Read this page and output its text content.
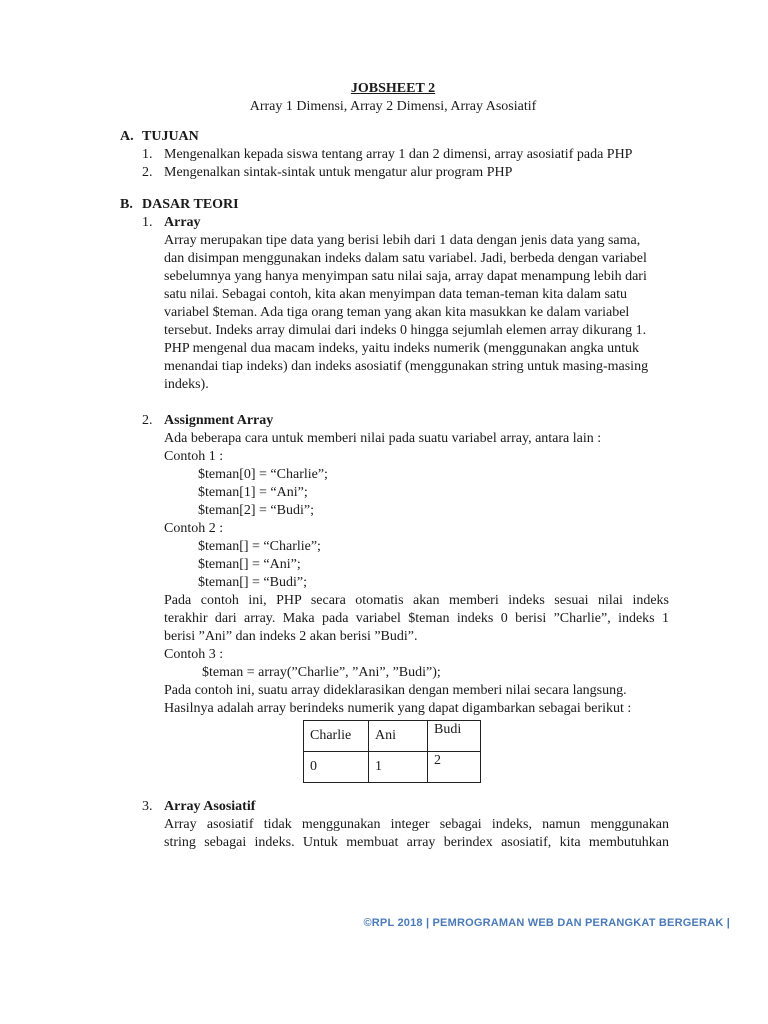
JOBSHEET 2
Array 1 Dimensi, Array 2 Dimensi, Array Asosiatif
A. TUJUAN
1. Mengenalkan kepada siswa tentang array 1 dan 2 dimensi, array asosiatif pada PHP
2. Mengenalkan sintak-sintak untuk mengatur alur program PHP
B. DASAR TEORI
1. Array
Array merupakan tipe data yang berisi lebih dari 1 data dengan jenis data yang sama,
dan disimpan menggunakan indeks dalam satu variabel. Jadi, berbeda dengan variabel
sebelumnya yang hanya menyimpan satu nilai saja, array dapat menampung lebih dari
satu nilai. Sebagai contoh, kita akan menyimpan data teman-teman kita dalam satu
variabel $teman. Ada tiga orang teman yang akan kita masukkan ke dalam variabel
tersebut. Indeks array dimulai dari indeks 0 hingga sejumlah elemen array dikurang 1.
PHP mengenal dua macam indeks, yaitu indeks numerik (menggunakan angka untuk
menandai tiap indeks) dan indeks asosiatif (menggunakan string untuk masing-masing
indeks).
2. Assignment Array
Ada beberapa cara untuk memberi nilai pada suatu variabel array, antara lain :
Contoh 1 :
$teman[0] = “Charlie”;
$teman[1] = “Ani”;
$teman[2] = “Budi”;
Contoh 2 :
$teman[] = “Charlie”;
$teman[] = “Ani”;
$teman[] = “Budi”;
Pada contoh ini, PHP secara otomatis akan memberi indeks sesuai nilai indeks
terakhir dari array. Maka pada variabel $teman indeks 0 berisi ”Charlie”, indeks 1
berisi ”Ani” dan indeks 2 akan berisi ”Budi”.
Contoh 3 :
$teman = array(”Charlie”, ”Ani”, ”Budi”);
Pada contoh ini, suatu array dideklarasikan dengan memberi nilai secara langsung.
Hasilnya adalah array berindeks numerik yang dapat digambarkan sebagai berikut :
Charlie	Ani	Budi
0	1	2
3. Array Asosiatif
Array asosiatif tidak menggunakan integer sebagai indeks, namun menggunakan
string sebagai indeks. Untuk membuat array berindex asosiatif, kita membutuhkan
©RPL 2018 | PEMROGRAMAN WEB DAN PERANGKAT BERGERAK |
